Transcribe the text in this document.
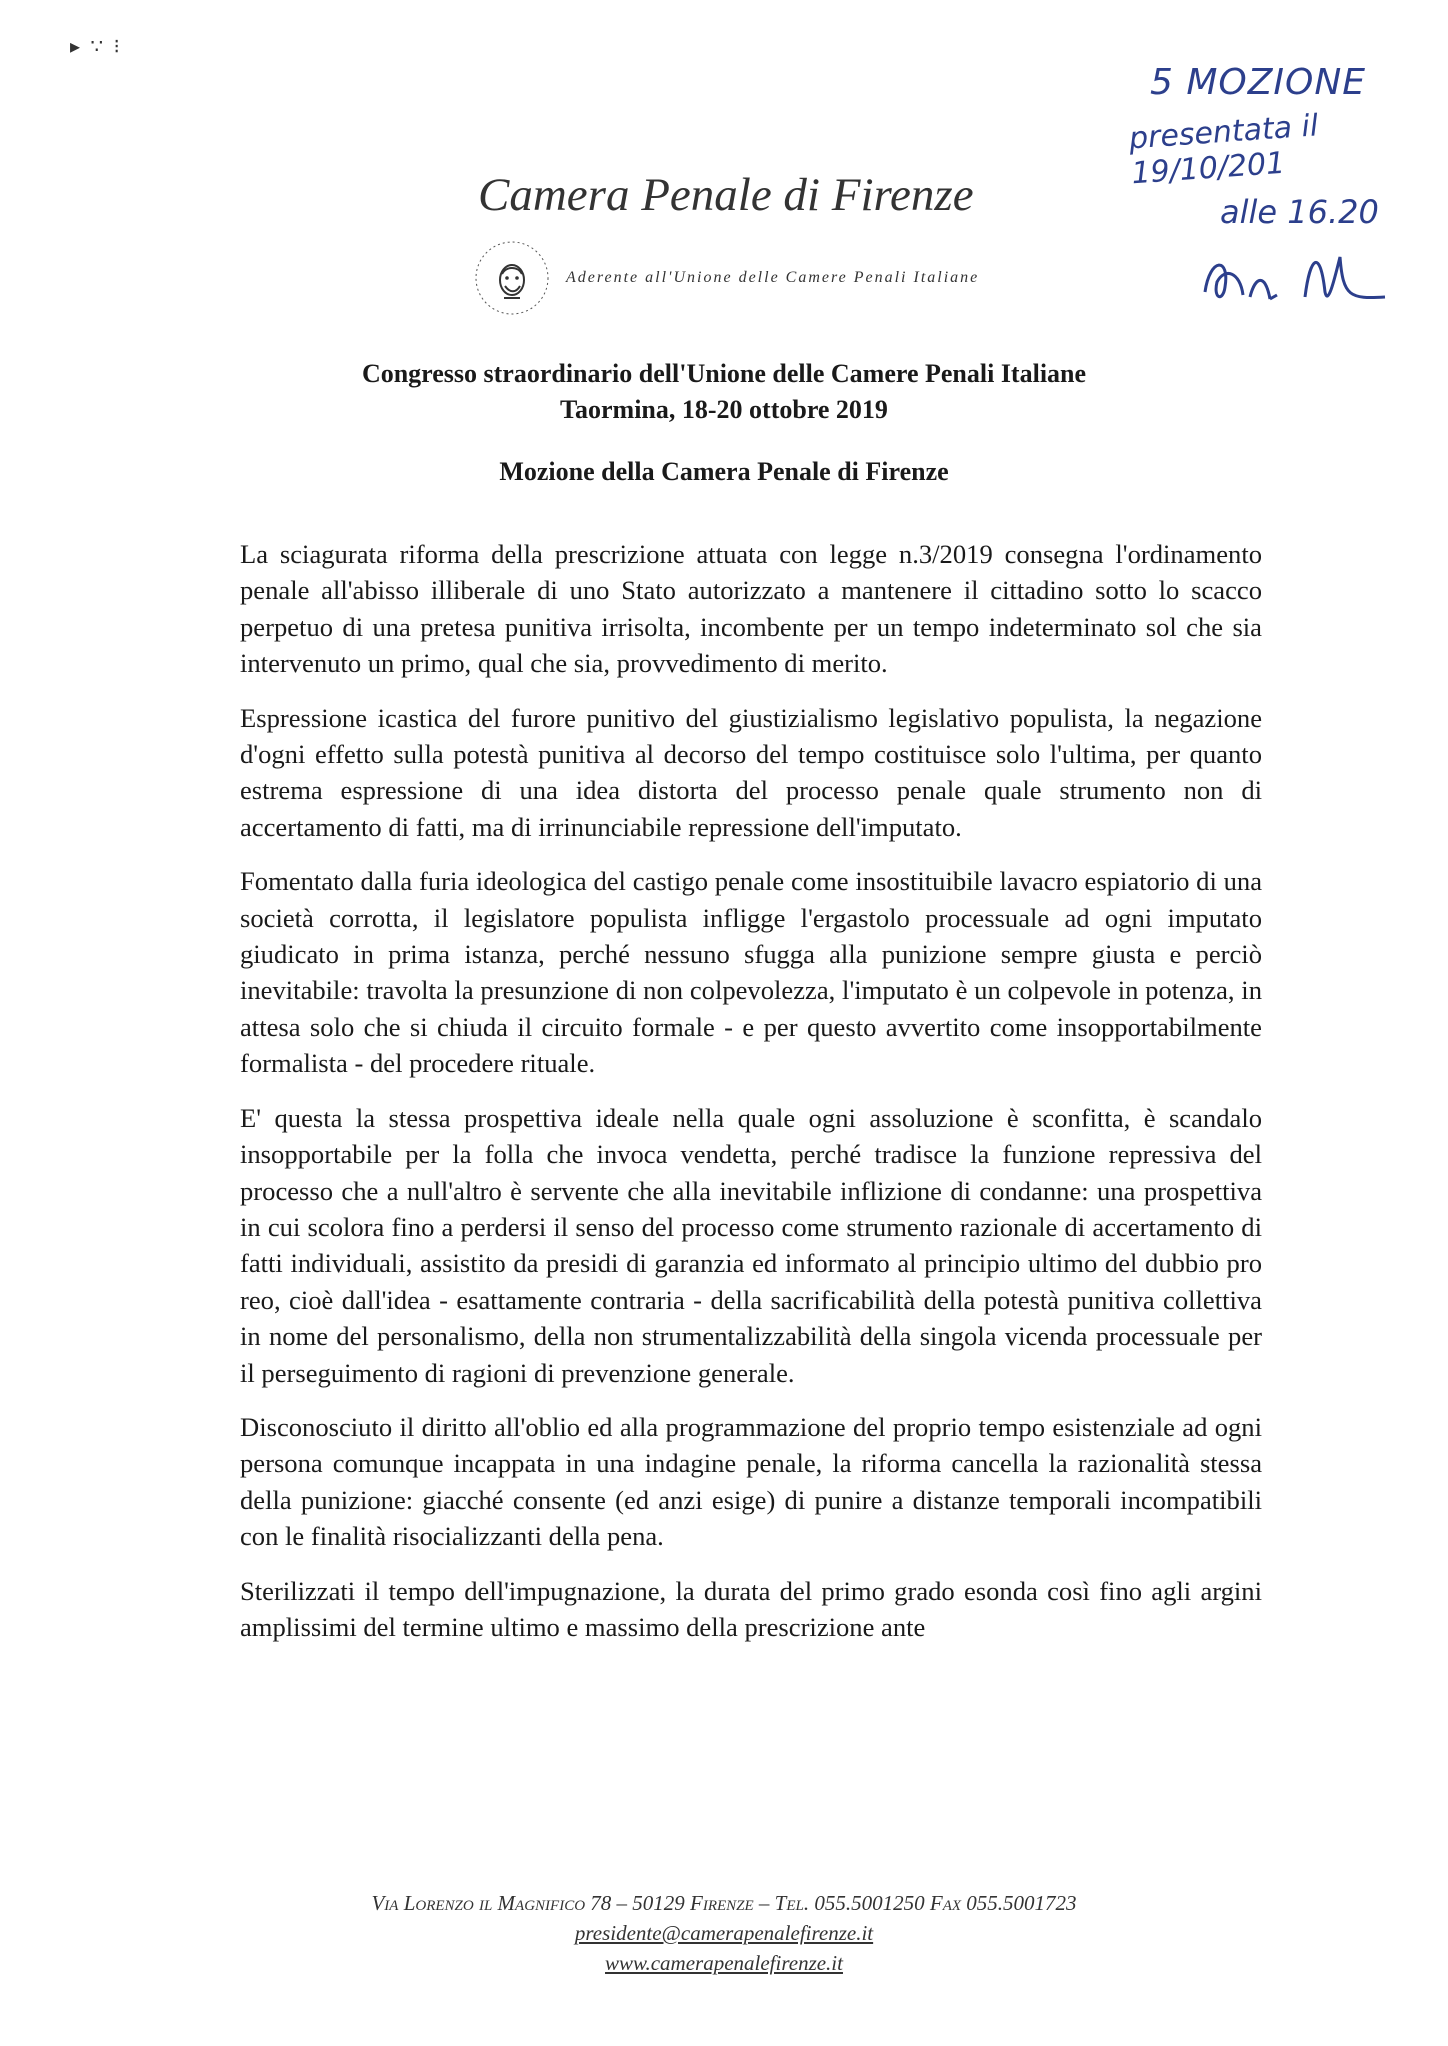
▸ ∵ ⁝
5 MOZIONE
presentata il 19/10/201
alle 16.20
Camera Penale di Firenze
Aderente all'Unione delle Camere Penali Italiane
Congresso straordinario dell'Unione delle Camere Penali Italiane
Taormina, 18-20 ottobre 2019
Mozione della Camera Penale di Firenze

La sciagurata riforma della prescrizione attuata con legge n.3/2019 consegna l'ordinamento penale all'abisso illiberale di uno Stato autorizzato a mantenere il cittadino sotto lo scacco perpetuo di una pretesa punitiva irrisolta, incombente per un tempo indeterminato sol che sia intervenuto un primo, qual che sia, provvedimento di merito.

Espressione icastica del furore punitivo del giustizialismo legislativo populista, la negazione d'ogni effetto sulla potestà punitiva al decorso del tempo costituisce solo l'ultima, per quanto estrema espressione di una idea distorta del processo penale quale strumento non di accertamento di fatti, ma di irrinunciabile repressione dell'imputato.

Fomentato dalla furia ideologica del castigo penale come insostituibile lavacro espiatorio di una società corrotta, il legislatore populista infligge l'ergastolo processuale ad ogni imputato giudicato in prima istanza, perché nessuno sfugga alla punizione sempre giusta e perciò inevitabile: travolta la presunzione di non colpevolezza, l'imputato è un colpevole in potenza, in attesa solo che si chiuda il circuito formale - e per questo avvertito come insopportabilmente formalista - del procedere rituale.

E' questa la stessa prospettiva ideale nella quale ogni assoluzione è sconfitta, è scandalo insopportabile per la folla che invoca vendetta, perché tradisce la funzione repressiva del processo che a null'altro è servente che alla inevitabile inflizione di condanne: una prospettiva in cui scolora fino a perdersi il senso del processo come strumento razionale di accertamento di fatti individuali, assistito da presidi di garanzia ed informato al principio ultimo del dubbio pro reo, cioè dall'idea - esattamente contraria - della sacrificabilità della potestà punitiva collettiva in nome del personalismo, della non strumentalizzabilità della singola vicenda processuale per il perseguimento di ragioni di prevenzione generale.

Disconosciuto il diritto all'oblio ed alla programmazione del proprio tempo esistenziale ad ogni persona comunque incappata in una indagine penale, la riforma cancella la razionalità stessa della punizione: giacché consente (ed anzi esige) di punire a distanze temporali incompatibili con le finalità risocializzanti della pena.

Sterilizzati il tempo dell'impugnazione, la durata del primo grado esonda così fino agli argini amplissimi del termine ultimo e massimo della prescrizione ante

Via Lorenzo il Magnifico 78 – 50129 Firenze – Tel. 055.5001250 Fax 055.5001723
presidente@camerapenalefirenze.it
www.camerapenalefirenze.it
